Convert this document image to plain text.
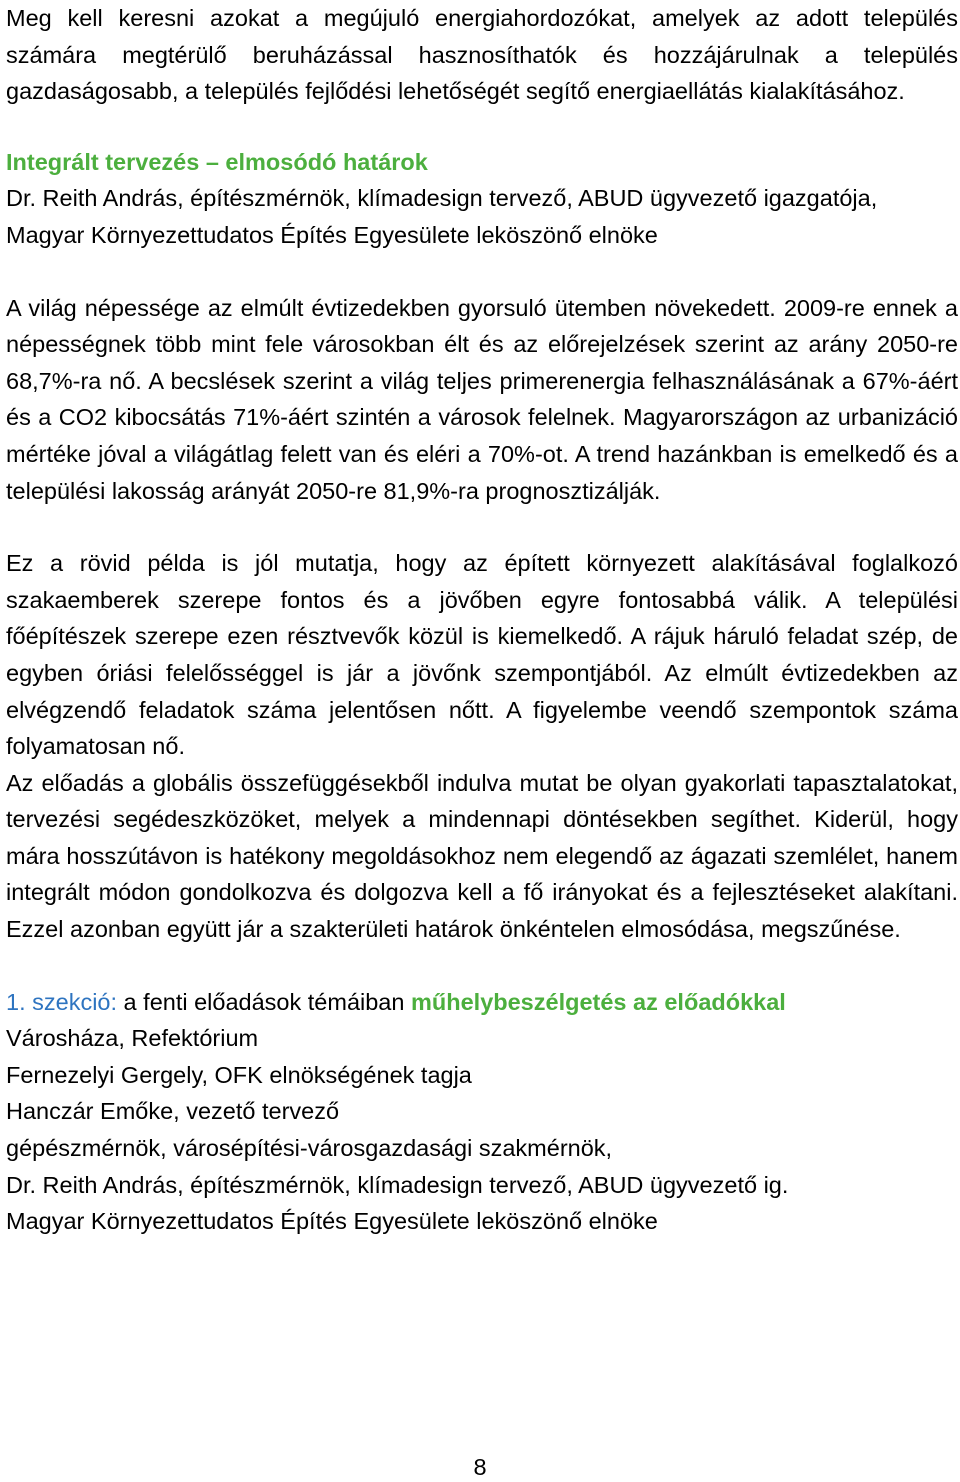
Meg kell keresni azokat a megújuló energiahordozókat, amelyek az adott település számára megtérülő beruházással hasznosíthatók és hozzájárulnak a település gazdaságosabb, a település fejlődési lehetőségét segítő energiaellátás kialakításához.

Integrált tervezés – elmosódó határok

Dr. Reith András, építészmérnök, klímadesign tervező, ABUD ügyvezető igazgatója, Magyar Környezettudatos Építés Egyesülete leköszönő elnöke

A világ népessége az elmúlt évtizedekben gyorsuló ütemben növekedett. 2009-re ennek a népességnek több mint fele városokban élt és az előrejelzések szerint az arány 2050-re 68,7%-ra nő. A becslések szerint a világ teljes primerenergia felhasználásának a 67%-áért és a CO2 kibocsátás 71%-áért szintén a városok felelnek. Magyarországon az urbanizáció mértéke jóval a világátlag felett van és eléri a 70%-ot. A trend hazánkban is emelkedő és a települési lakosság arányát 2050-re 81,9%-ra prognosztizálják.

Ez a rövid példa is jól mutatja, hogy az épített környezett alakításával foglalkozó szakaemberek szerepe fontos és a jövőben egyre fontosabbá válik. A települési főépítészek szerepe ezen résztvevők közül is kiemelkedő. A rájuk háruló feladat szép, de egyben óriási felelősséggel is jár a jövőnk szempontjából. Az elmúlt évtizedekben az elvégzendő feladatok száma jelentősen nőtt. A figyelembe veendő szempontok száma folyamatosan nő.

Az előadás a globális összefüggésekből indulva mutat be olyan gyakorlati tapasztalatokat, tervezési segédeszközöket, melyek a mindennapi döntésekben segíthet. Kiderül, hogy mára hosszútávon is hatékony megoldásokhoz nem elegendő az ágazati szemlélet, hanem integrált módon gondolkozva és dolgozva kell a fő irányokat és a fejlesztéseket alakítani. Ezzel azonban együtt jár a szakterületi határok önkéntelen elmosódása, megszűnése.

1. szekció: a fenti előadások témáiban műhelybeszélgetés az előadókkal

Városháza, Refektórium

Fernezelyi Gergely, OFK elnökségének tagja

Hanczár Emőke, vezető tervező

gépészmérnök, városépítési-városgazdasági szakmérnök,

Dr. Reith András, építészmérnök, klímadesign tervező, ABUD ügyvezető ig.

Magyar Környezettudatos Építés Egyesülete leköszönő elnöke

8
